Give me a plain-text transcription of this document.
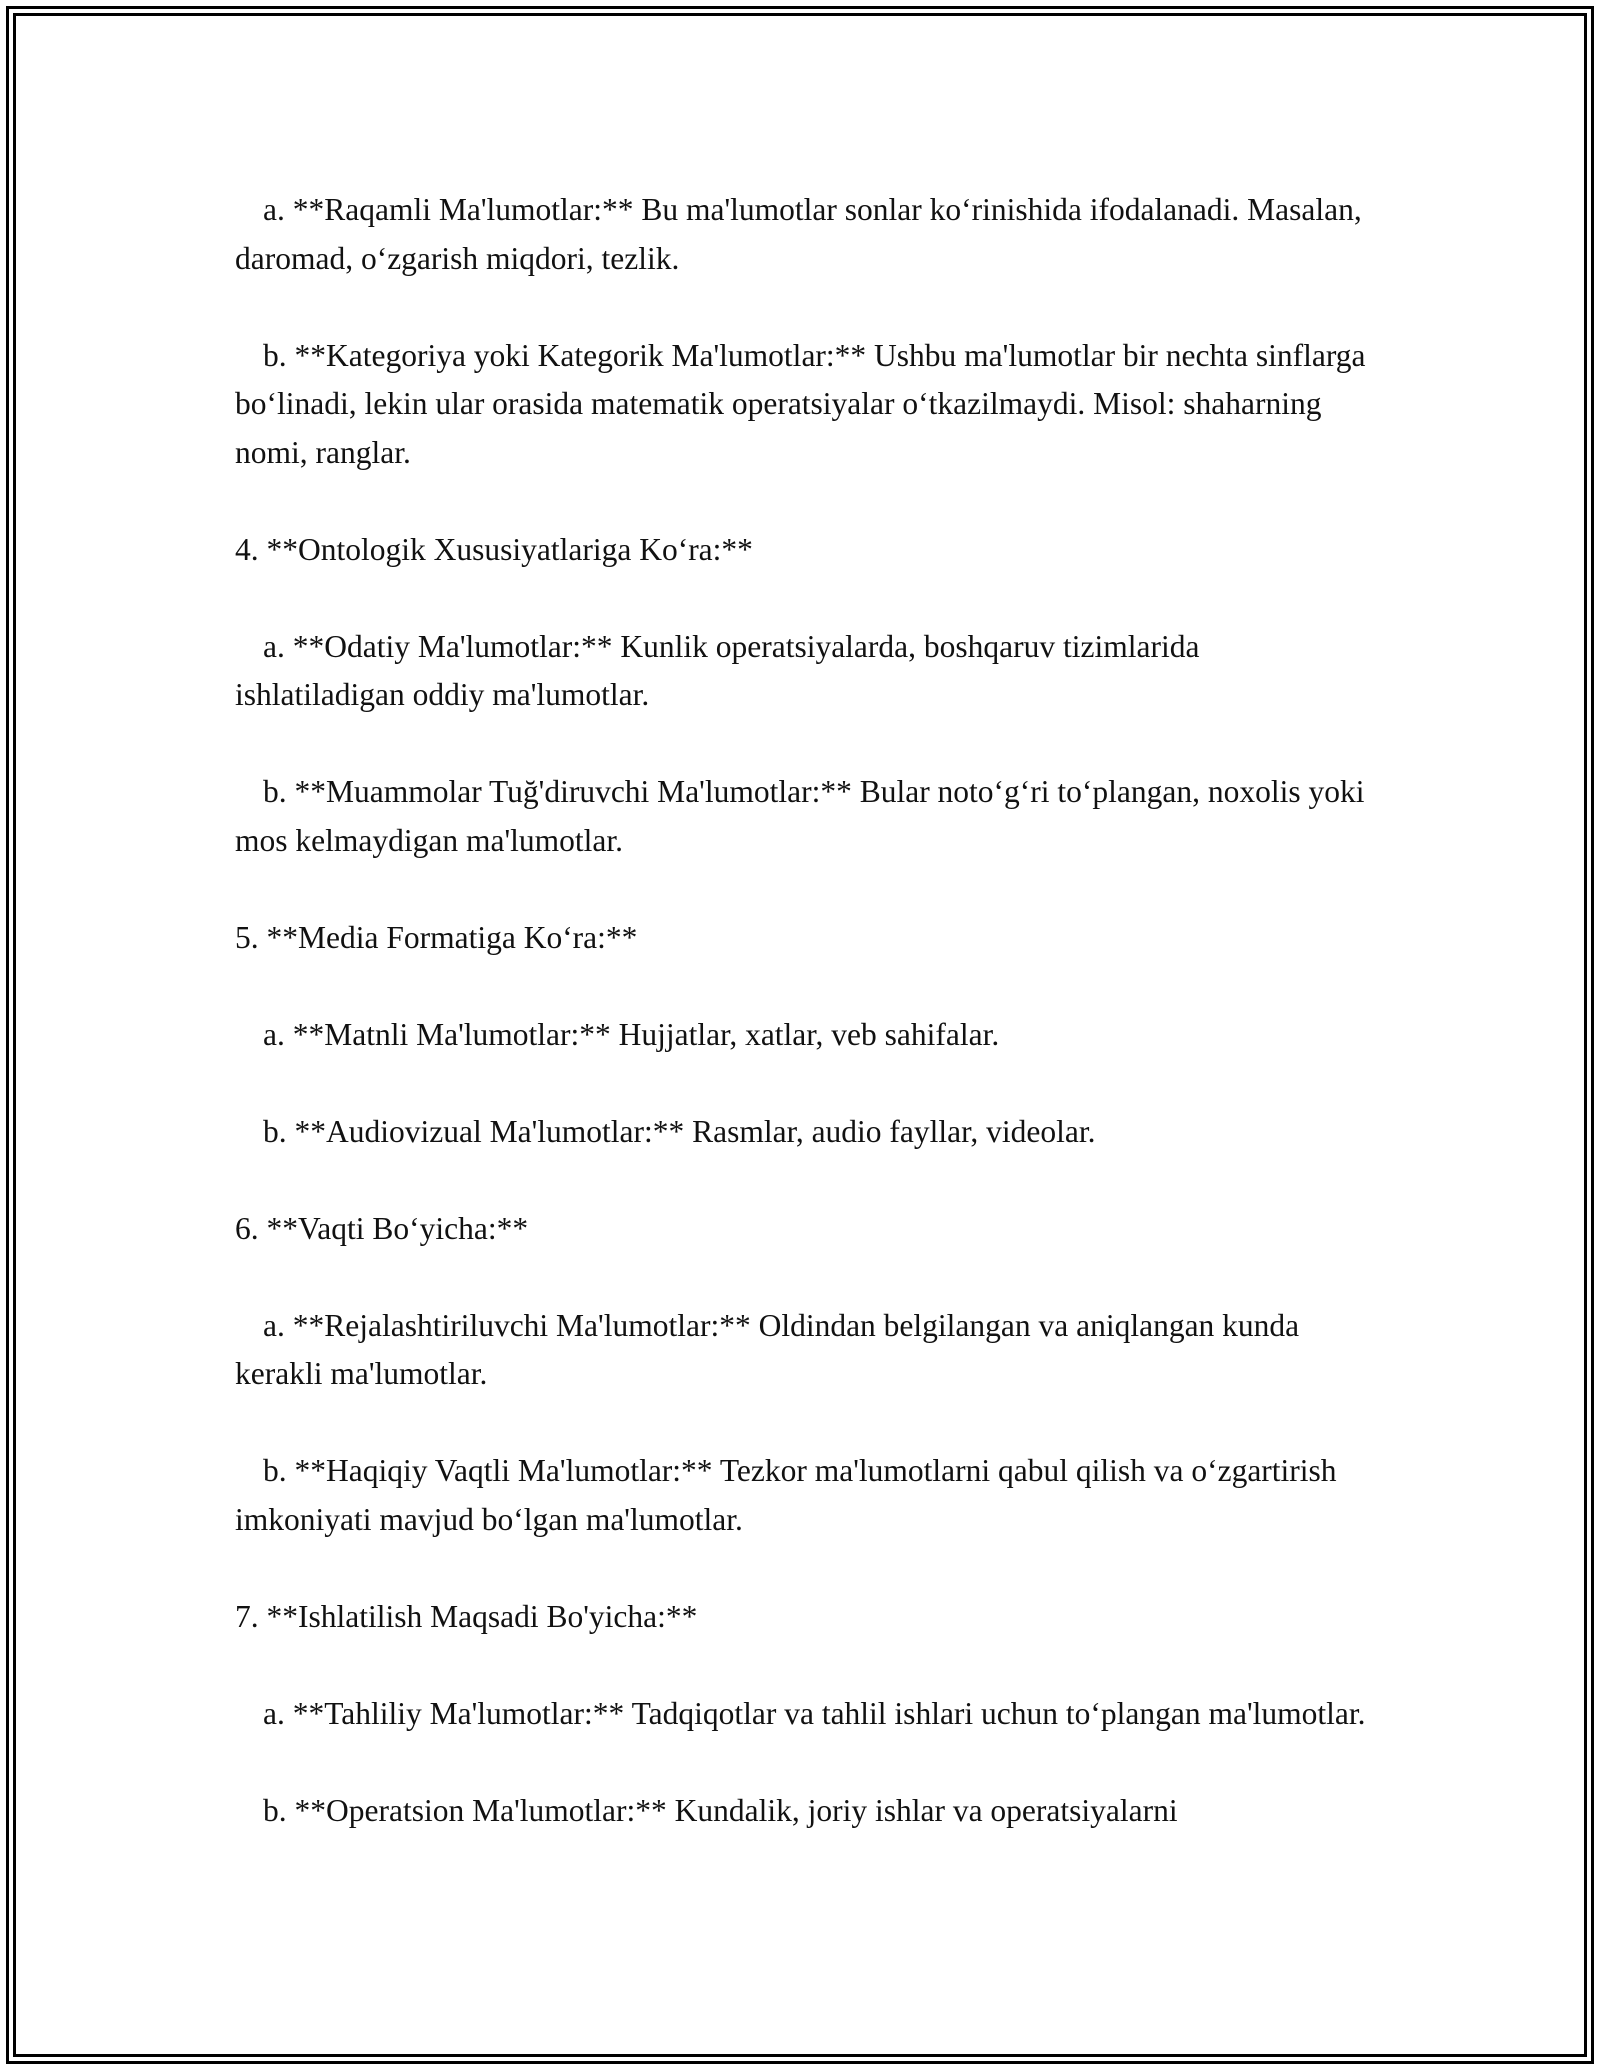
a. **Raqamli Ma'lumotlar:** Bu ma'lumotlar sonlar ko‘rinishida ifodalanadi. Masalan, daromad, o‘zgarish miqdori, tezlik.

b. **Kategoriya yoki Kategorik Ma'lumotlar:** Ushbu ma'lumotlar bir nechta sinflarga bo‘linadi, lekin ular orasida matematik operatsiyalar o‘tkazilmaydi. Misol: shaharning nomi, ranglar.

4. **Ontologik Xususiyatlariga Ko‘ra:**

a. **Odatiy Ma'lumotlar:** Kunlik operatsiyalarda, boshqaruv tizimlarida ishlatiladigan oddiy ma'lumotlar.

b. **Muammolar Tuğ'diruvchi Ma'lumotlar:** Bular noto‘g‘ri to‘plangan, noxolis yoki mos kelmaydigan ma'lumotlar.

5. **Media Formatiga Ko‘ra:**

a. **Matnli Ma'lumotlar:** Hujjatlar, xatlar, veb sahifalar.

b. **Audiovizual Ma'lumotlar:** Rasmlar, audio fayllar, videolar.

6. **Vaqti Bo‘yicha:**

a. **Rejalashtiriluvchi Ma'lumotlar:** Oldindan belgilangan va aniqlangan kunda kerakli ma'lumotlar.

b. **Haqiqiy Vaqtli Ma'lumotlar:** Tezkor ma'lumotlarni qabul qilish va o‘zgartirish imkoniyati mavjud bo‘lgan ma'lumotlar.

7. **Ishlatilish Maqsadi Bo'yicha:**

a. **Tahliliy Ma'lumotlar:** Tadqiqotlar va tahlil ishlari uchun to‘plangan ma'lumotlar.

b. **Operatsion Ma'lumotlar:** Kundalik, joriy ishlar va operatsiyalarni
